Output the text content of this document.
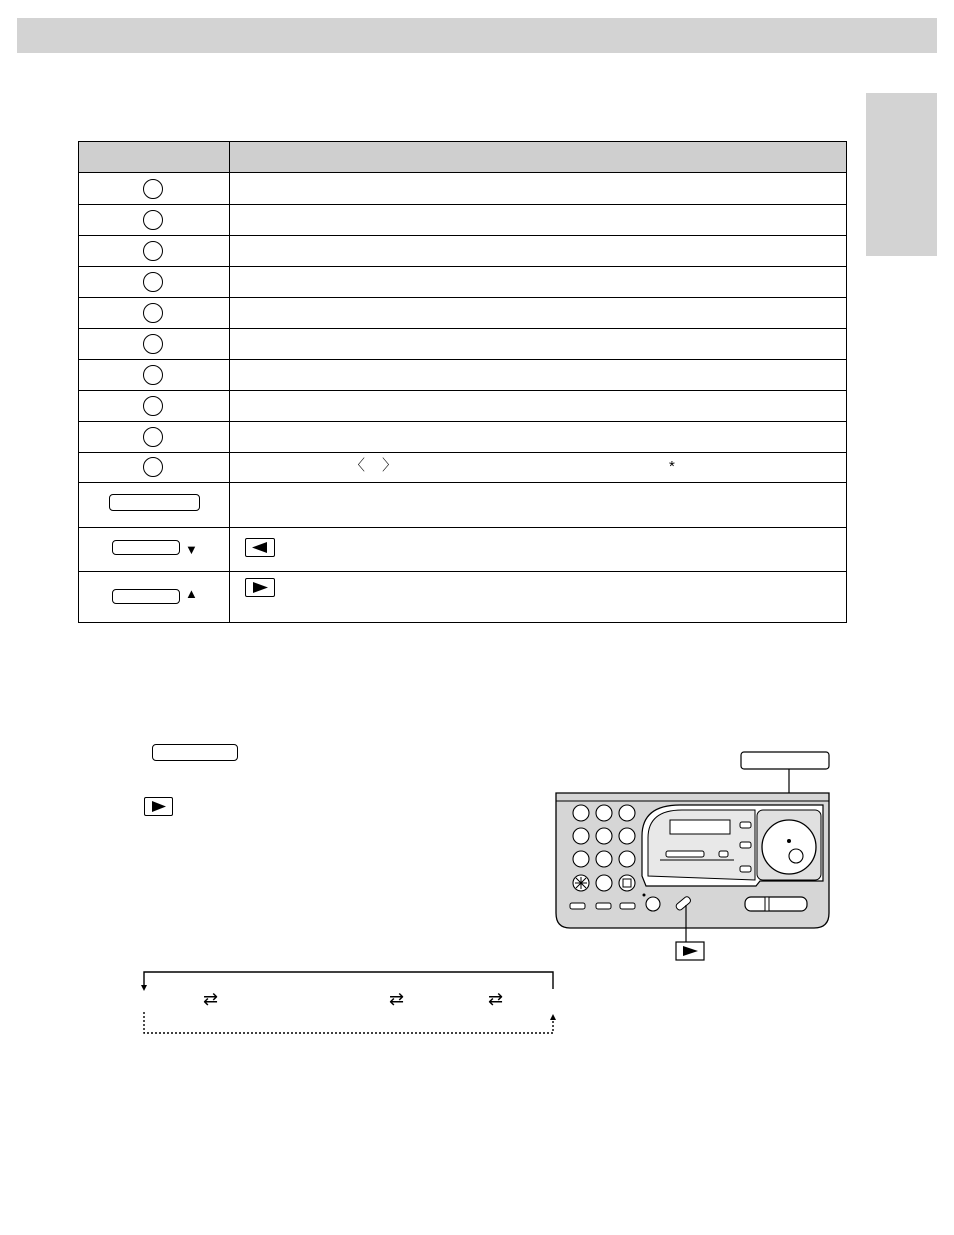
〈 〉	*
▼
▲
⇄	⇄	⇄
